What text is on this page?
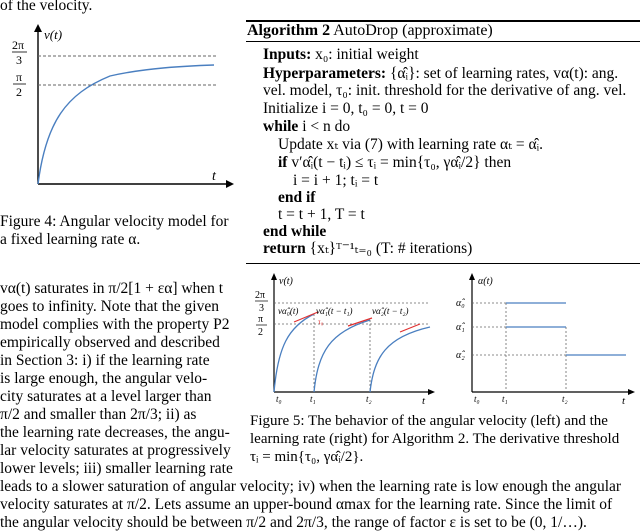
of the velocity.
v(t)
t
2π
3
π
2
Figure 4: Angular velocity model for
a fixed learning rate α.
Algorithm 2 AutoDrop (approximate)
Inputs: x₀: initial weight
Hyperparameters: {α̂ᵢ}: set of learning rates, vα(t): ang.
vel. model, τ₀: init. threshold for the derivative of ang. vel.
Initialize i = 0, t₀ = 0, t = 0
while i < n do
Update xₜ via (7) with learning rate αₜ = α̂ᵢ.
if v′α̂ᵢ(t − tᵢ) ≤ τᵢ = min{τ₀, γα̂ᵢ/2} then
i = i + 1; tᵢ = t
end if
t = t + 1, T = t
end while
return {xₜ}ᵀ⁻¹ₜ₌₀ (T: # iterations)
vα(t) saturates in π/2[1 + εα] when t
goes to infinity. Note that the given
model complies with the property P2
empirically observed and described
in Section 3: i) if the learning rate
is large enough, the angular velo-
city saturates at a level larger than
π/2 and smaller than 2π/3; ii) as
the learning rate decreases, the angu-
lar velocity saturates at progressively
lower levels; iii) smaller learning rate
v(t)
t
2π
3
π
2
vα̂₀(t) vα̂₁(t − t₁) vα̂₂(t − t₂)
τ₀
t₀	t₁	t₂
α(t)
t
α̂₀
α̂₁
α̂₂
t₀ t₁	t₂
Figure 5: The behavior of the angular velocity (left) and the
learning rate (right) for Algorithm 2. The derivative threshold
τᵢ = min{τ₀, γα̂ᵢ/2}.
leads to a slower saturation of angular velocity; iv) when the learning rate is low enough the angular
velocity saturates at π/2. Lets assume an upper-bound αmax for the learning rate. Since the limit of
the angular velocity should be between π/2 and 2π/3, the range of factor ε is set to be (0, 1/…).
